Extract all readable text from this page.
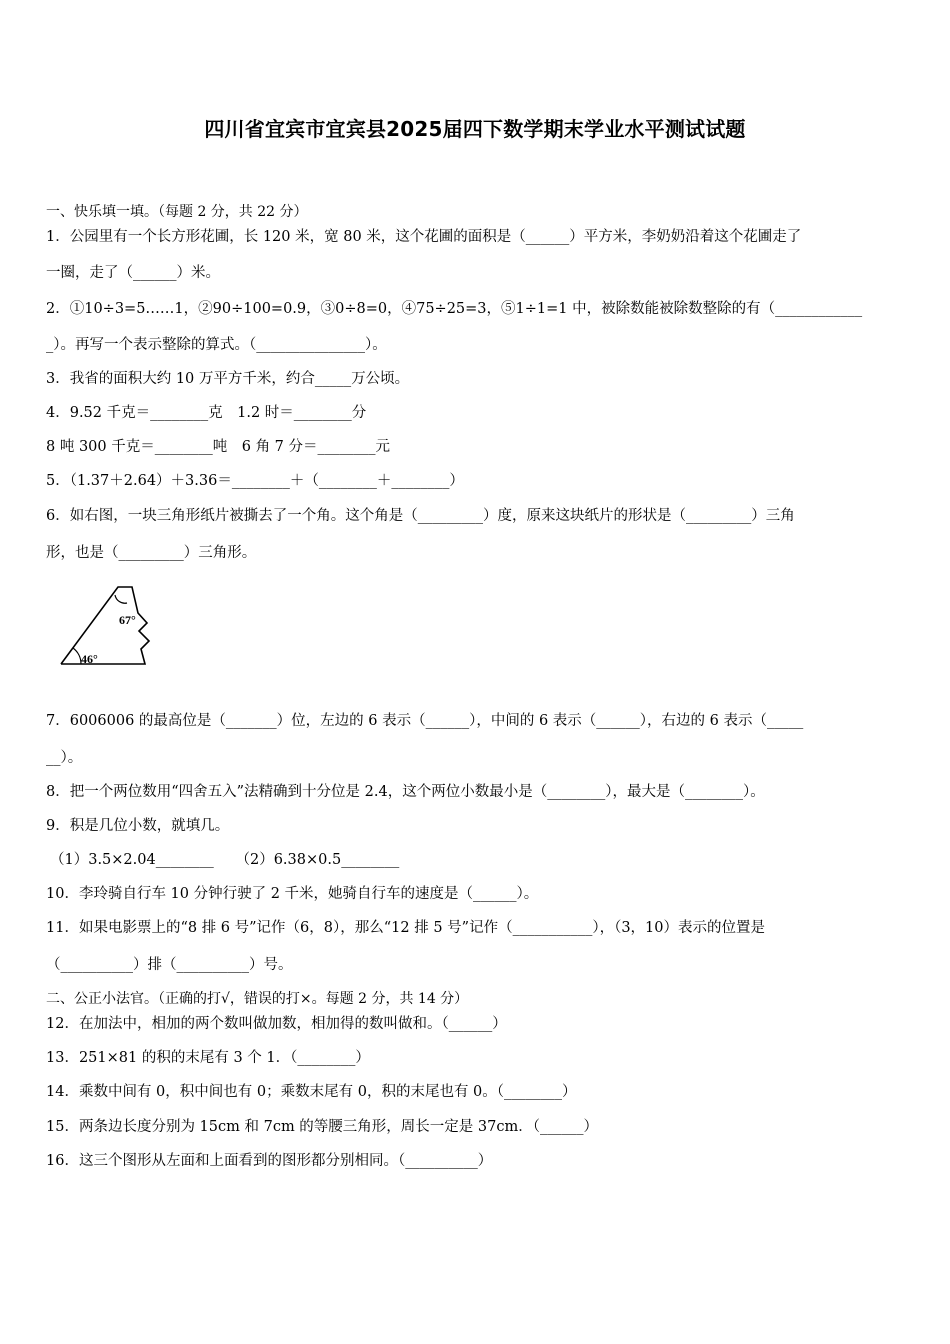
四川省宜宾市宜宾县2025届四下数学期末学业水平测试试题
一、快乐填一填。（每题 2 分，共 22 分）
1．公园里有一个长方形花圃，长 120 米，宽 80 米，这个花圃的面积是（______）平方米，李奶奶沿着这个花圃走了
一圈，走了（______）米。
2．①10÷3=5……1，②90÷100=0.9，③0÷8=0，④75÷25=3，⑤1÷1=1 中，被除数能被除数整除的有（____________
_）。再写一个表示整除的算式。（_______________）。
3．我省的面积大约 10 万平方千米，约合_____万公顷。
4．9.52 千克＝________克　1.2 时＝________分
8 吨 300 千克＝________吨　6 角 7 分＝________元
5．（1.37＋2.64）＋3.36＝________＋（________＋________）
6．如右图，一块三角形纸片被撕去了一个角。这个角是（_________）度，原来这块纸片的形状是（_________）三角
形，也是（_________）三角形。
67°
46°
7．6006006 的最高位是（_______）位，左边的 6 表示（______），中间的 6 表示（______），右边的 6 表示（_____
__）。
8．把一个两位数用“四舍五入”法精确到十分位是 2.4，这个两位小数最小是（________），最大是（________）。
9．积是几位小数，就填几。
（1）3.5×2.04________　　（2）6.38×0.5________
10．李玲骑自行车 10 分钟行驶了 2 千米，她骑自行车的速度是（______）。
11．如果电影票上的“8 排 6 号”记作（6，8），那么“12 排 5 号”记作（___________），（3，10）表示的位置是
（__________）排（__________）号。
二、公正小法官。（正确的打√，错误的打×。每题 2 分，共 14 分）
12．在加法中，相加的两个数叫做加数，相加得的数叫做和。（______）
13．251×81 的积的末尾有 3 个 1．（________）
14．乘数中间有 0，积中间也有 0；乘数末尾有 0，积的末尾也有 0。（________）
15．两条边长度分别为 15cm 和 7cm 的等腰三角形，周长一定是 37cm．（______）
16．这三个图形从左面和上面看到的图形都分别相同。（__________）
